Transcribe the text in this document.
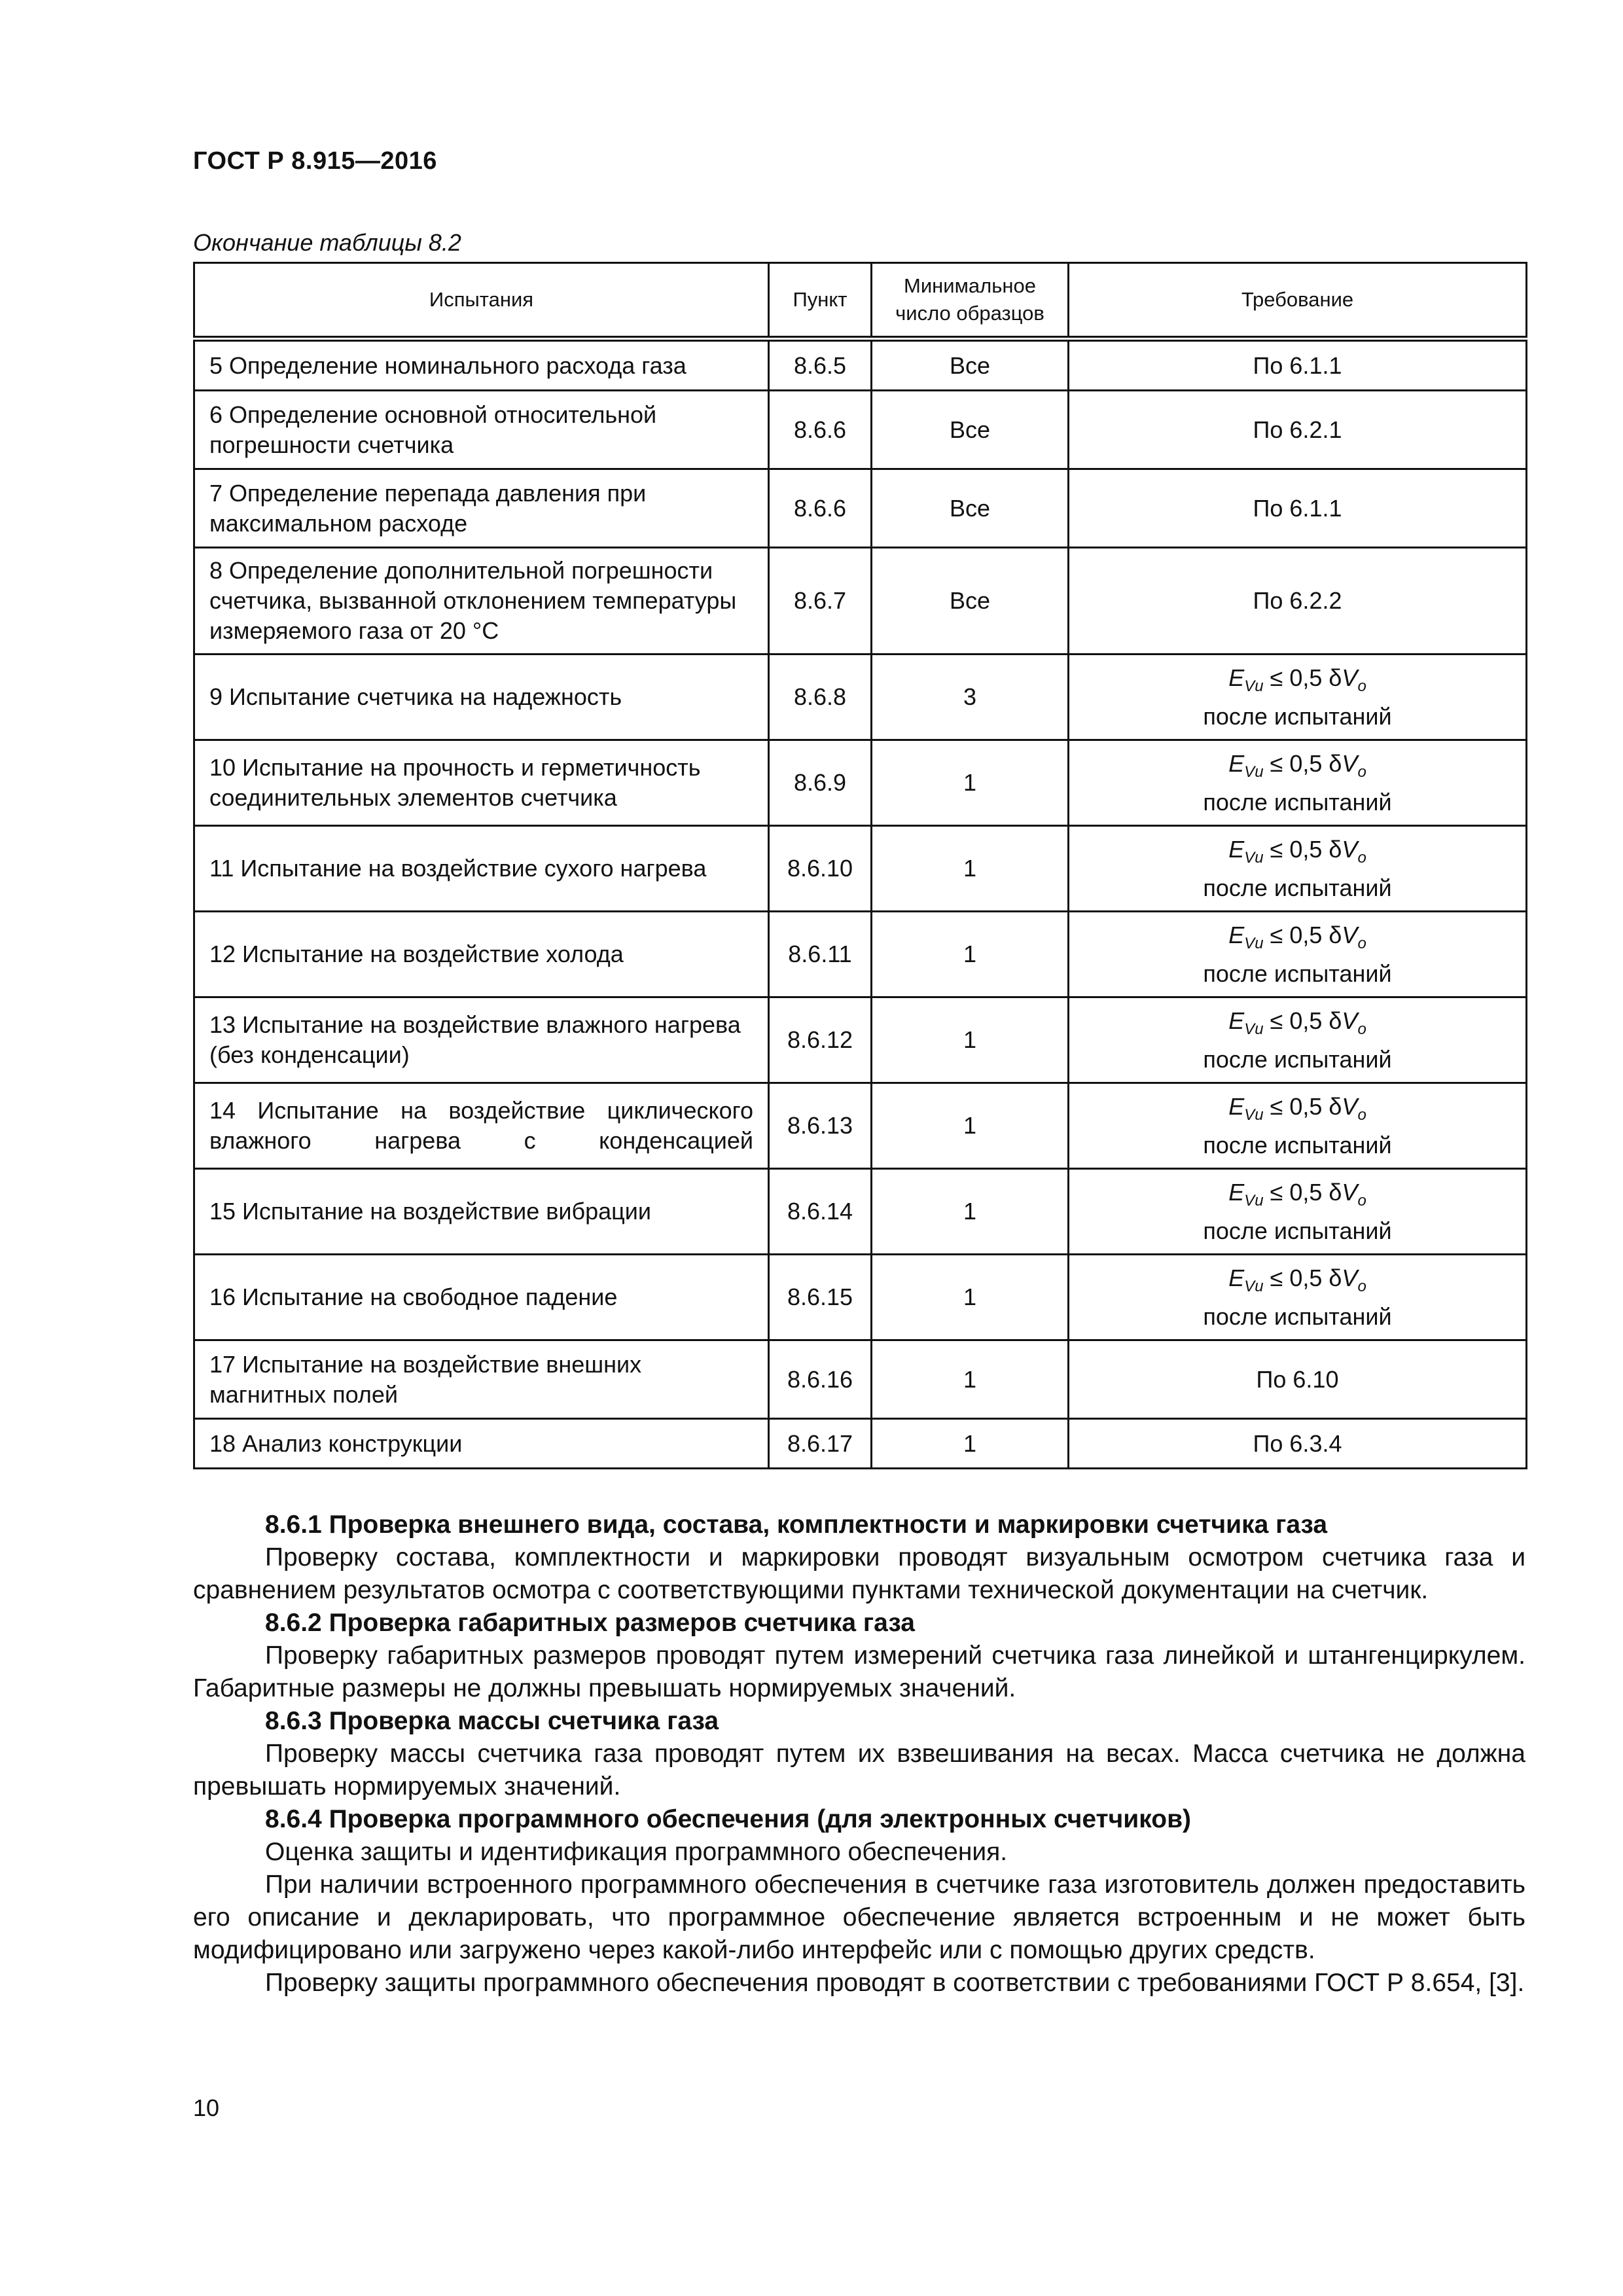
ГОСТ Р 8.915—2016
Окончание таблицы 8.2
Испытания	Пункт	Минимальное число образцов	Требование
5 Определение номинального расхода газа	8.6.5	Все	По 6.1.1
6 Определение основной относительной погрешности счетчика	8.6.6	Все	По 6.2.1
7 Определение перепада давления при максимальном расходе	8.6.6	Все	По 6.1.1
8 Определение дополнительной погрешности счетчика, вызванной отклонением температуры измеряемого газа от 20 °С	8.6.7	Все	По 6.2.2
9 Испытание счетчика на надежность	8.6.8	3	$E_{Vи} \le 0,5$ $\delta V_о$
после испытаний

10 Испытание на прочность и герметичность соединительных элементов счетчика	8.6.9	1	$E_{Vи} \le 0,5$ $\delta V_о$
после испытаний

11 Испытание на воздействие сухого нагрева	8.6.10	1	$E_{Vи} \le 0,5$ $\delta V_о$
после испытаний

12 Испытание на воздействие холода	8.6.11	1	$E_{Vи} \le 0,5$ $\delta V_о$
после испытаний

13 Испытание на воздействие влажного нагрева (без конденсации)	8.6.12	1	$E_{Vи} \le 0,5$ $\delta V_о$
после испытаний

14 Испытание на воздействие циклического влажного нагрева с конденсацией	8.6.13	1	$E_{Vи} \le 0,5$ $\delta V_о$
после испытаний

15 Испытание на воздействие вибрации	8.6.14	1	$E_{Vи} \le 0,5$ $\delta V_о$
после испытаний

16 Испытание на свободное падение	8.6.15	1	$E_{Vи} \le 0,5$ $\delta V_о$
после испытаний

17 Испытание на воздействие внешних магнитных полей	8.6.16	1	По 6.10
18 Анализ конструкции	8.6.17	1	По 6.3.4

8.6.1 Проверка внешнего вида, состава, комплектности и маркировки счетчика газа

Проверку состава, комплектности и маркировки проводят визуальным осмотром счетчика газа и сравнением результатов осмотра с соответствующими пунктами технической документации на счетчик.

8.6.2 Проверка габаритных размеров счетчика газа

Проверку габаритных размеров проводят путем измерений счетчика газа линейкой и штангенциркулем. Габаритные размеры не должны превышать нормируемых значений.

8.6.3 Проверка массы счетчика газа

Проверку массы счетчика газа проводят путем их взвешивания на весах. Масса счетчика не должна превышать нормируемых значений.

8.6.4 Проверка программного обеспечения (для электронных счетчиков)

Оценка защиты и идентификация программного обеспечения.

При наличии встроенного программного обеспечения в счетчике газа изготовитель должен предоставить его описание и декларировать, что программное обеспечение является встроенным и не может быть модифицировано или загружено через какой-либо интерфейс или с помощью других средств.

Проверку защиты программного обеспечения проводят в соответствии с требованиями ГОСТ Р 8.654, [3].

10
